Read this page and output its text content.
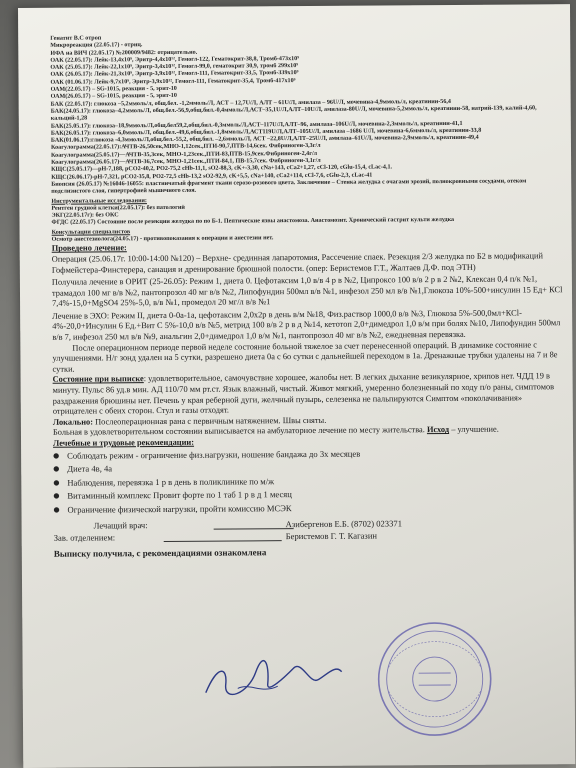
Генатит В.С отроп
Микрореакция (22.05.17) - отриц.
ИФА на ВИЧ (22.05.17) №200009/9482: отрицательно.
ОАК (22.05.17): Лейк-13,4х10⁹, Эритр-4,4х10¹², Гемогл-122, Гематокрит-38,8, Тромб-473х10⁹
ОАК (25.05.17): Лейк-22,1х10⁹, Эритр-3,4х10¹², Гемогл-99,0, гематокрит 30,9, тромб 299х10⁹
ОАК (26.05.17): Лейк-21,3х10⁹, Эритр-3,9х10¹², Гемогл-111, Гематокрит-33,5, Тромб-339х10⁹
ОАК (01.06.17): Лейк-9,7х10⁹, Эритр-3,9х10¹², Гемогл-111, Гематокрит-35,4, Тромб-417х10⁹
ОАМ(22.05.17) – SG-1015, реакция - 5, эрит-10
ОАМ(26.05.17) – SG-1015, реакция - 5, эрит-10
БАК (22.05.17): глюкоза –5,2ммоль/л, общ.бел. -1,2ммоль/Л, АСТ – 12,7U/Л, АЛТ – 61U/Л, амилаза – 96U/Л, мочевина-4,9ммоль/л, креатинин-56,4
БАК(24.05.17): глюкоза–4,2ммоль/Л, общ.бел.-56,9,общ.бил.-0,4ммоль/Л,АСТ–35,1U/Л,АЛТ–10U/Л, амилаза-80U/Л, мочевина-5,2ммоль/л, креатинин-58, натрий-139, калий-4,60, кальций-1,28
БАК(25.05.17): глюкоза–18,9ммоль/Л,общ.бел59,2,общ.бил.-0,3ммоль/Л,АСТ–117U/Л,АЛТ–96, амилаза–106U/Л, мочевина-2,3ммоль/л, креатинин-41,1
БАК(26.05.17): глюкоза–6,0ммоль/Л, общ.бел.-49,6,общ.бил.-1,8ммоль/Л,АСТ119U/Л,АЛТ–105U/Л, амилаза –1686 U/Л, мочевина-6,6ммоль/л, креатинин-33,8
БАК(01.06.17):глюкоза -4,3ммоль/Л,общ.бел.-55,2, общ.бил. –2,6ммоль/Л, АСТ –22,8U/Л,АЛТ–25U/Л, амилаза–61U/Л, мочевина-2,9ммоль/л, креатинин-49,4
Коагулограмма(22.05.17):АЧТВ-26,50сек,МНО-1,12сек.,ПТИ-90,7,ПТВ-14,6сек. Фибриноген-3,3г/л
Коагулограмма(25.05.17)—АЧТВ-35,3сек, МНО-1,23сек.,ПТИ-83,ПТВ-15,9сек.Фибриноген-2,4г/л
Коагулограмма(26.05.17)—АЧТВ-36,7сек, МНО-1,21сек.,ПТИ-84,1, ПВ-15,7сек. Фибриноген-3,1г/л
КЩС(25.05.17)—pH-7,188, pCO2-40,2, PO2-75,2 cHb-11,1, sO2-88,3, cK+-3,30, cNa+143, cCa2+1,27, cCl-120, cGlu-15,4, cLac-4,1.
КЩС(26.06.17)-pH-7,321, pCO2-35,8, PO2-72,5 cHb-13,2 sO2-92,9, cK+5,5, cNa+140, cCa2+114, cCl-7,6, cGlu-2,3, cLac-41
Биопсия (26.05.17) №16046-16055: пластинчатый фрагмент ткани серозо-розового цвета. Заключение – Стенка желудка с очагами эрозий, полнокровными сосудами, отеком подслизистого слоя, гипертрофией мышечного слоя.
Инструментальные исследования:
Рентген грудной клетки(22.05.17): без патологий
ЭКГ(22.05.17г): без ОКС
ФГДС (22.05.17) Состояние после резекции желудка по по Б-1. Пептические язвы анастомоза. Анастомозит. Хронический гастрит культи желудка
Консультации специалистов
Осмотр анестезиолога(24.05.17) - противопоказания к операции и анестезии нет.
Проведено лечение:
Операция (25.06.17г. 10:00-14:00 №120) – Верхне- срединная лапаротомия, Рассечение спаек. Резекция 2/3 желудка по Б2 в модификаций Гофмейстера-Финстерера, санация и дренирование брюшной полости. (опер: Беристемов Г.Т., Жалтаев Д.Ф. под ЭТН)
Получила лечение в ОРИТ (25-26.05): Режим 1, диета 0. Цефотаксим 1,0 в/в 4 р в №2, Ципроксо 100 в/в 2 р в 2 №2, Клексан 0,4 п/к №1, трамадол 100 мг в/в №2, пантопрозол 40 мг в/в №2, Липофундин 500мл в/в №1, инфезол 250 мл в/в №1,Глюкоза 10%-500+инсулин 15 Ед+ КСl 7,4%-15,0+MgSO4 25%-5,0, в/в №1, промедол 20 мг/л в/в №1
Лечение в ЭХО: Режим II, диета 0-0а-1а, цефотаксим 2,0х2р в день в/м №18, Физ.раствор 1000,0 в/в №3, Глюкоза 5%-500,0мл+КСl-4%-20,0+Инсулин 6 Ед.+Вит С 5%-10,0 в/в №5, метрид 100 в/в 2 р в д №14, кетотоп 2,0+димедрол 1,0 в/м при болях №10, Липофундин 500мл в/в 7, инфезол 250 мл в/в №9, анальгин 2,0+димедрол 1,0 в/м №1, пантопрозол 40 мг в/в №2, ежедневная перевязка.
После операционном периоде первой неделе состояние больной тяжелое за счет перенесенной операций. В динамике состояние с улучшениями. Н/г зонд удален на 5 сутки, разрешено диета 0а с 6о сутки с дальнейшей переходом в 1а. Дренажные трубки удалены на 7 и 8е сутки.
Состояние при выписке: удовлетворительное, самочувствие хорошее, жалобы нет. В легких дыхание везикулярное, хрипов нет. ЧДД 19 в минуту. Пульс 86 уд.в мин. АД 110/70 мм рт.ст. Язык влажный, чистый. Живот мягкий, умеренно болезненный по ходу п/о раны, симптомов раздражения брюшины нет. Печень у края реберной дуги, желчный пузырь, селезенка не пальпируются Симптом «поколачивания» отрицателен с обеих сторон. Стул и газы отходят.
Локально: Послеоперационная рана с первичным натяжением. Швы сняты.
Больная в удовлетворительном состоянии выписывается на амбулаторное лечение по месту жительства. Исход – улучшение.
Лечебные и трудовые рекомендации:
● Соблюдать режим - ограничение физ.нагрузки, ношение бандажа до 3х месяцев
● Диета 4в, 4а
● Наблюдения, перевязка 1 р в день в поликлинике по м/ж
● Витаминный комплекс Провит форте по 1 таб 1 р в д 1 месяц
● Ограничение физической нагрузки, пройти комиссию МСЭК
Лечащий врач:	Азибергенов Е.Б. (8702) 023371
Зав. отделением:	Беристемов Г. Т. Кагазин
Выписку получила, с рекомендациями ознакомлена
